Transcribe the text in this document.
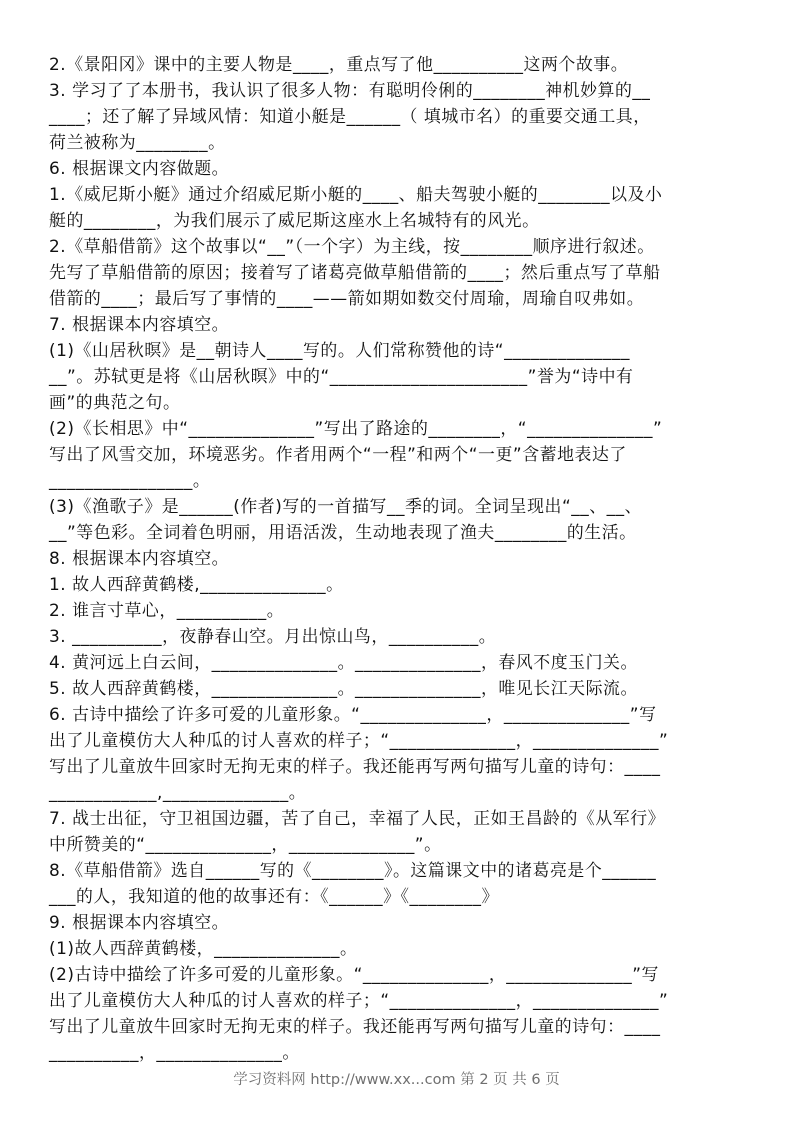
2.《景阳冈》课中的主要人物是____，重点写了他__________这两个故事。
3. 学习了了本册书，我认识了很多人物：有聪明伶俐的________神机妙算的__
____；还了解了异域风情：知道小艇是______（ 填城市名）的重要交通工具，
荷兰被称为________。
6. 根据课文内容做题。
1.《威尼斯小艇》通过介绍威尼斯小艇的____、船夫驾驶小艇的________以及小
艇的________，为我们展示了威尼斯这座水上名城特有的风光。
2.《草船借箭》这个故事以“__”（一个字）为主线，按________顺序进行叙述。
先写了草船借箭的原因；接着写了诸葛亮做草船借箭的____；然后重点写了草船
借箭的____；最后写了事情的____——箭如期如数交付周瑜，周瑜自叹弗如。
7. 根据课本内容填空。
(1)《山居秋暝》是__朝诗人____写的。人们常称赞他的诗“______________
__”。苏轼更是将《山居秋暝》中的“______________________”誉为“诗中有
画”的典范之句。
(2)《长相思》中“______________”写出了路途的________，“______________”
写出了风雪交加，环境恶劣。作者用两个“一程”和两个“一更”含蓄地表达了
________________。
(3)《渔歌子》是______(作者)写的一首描写__季的词。全词呈现出“__、__、
__”等色彩。全词着色明丽，用语活泼，生动地表现了渔夫________的生活。
8. 根据课本内容填空。
1. 故人西辞黄鹤楼,______________。
2. 谁言寸草心，__________。
3. __________，夜静春山空。月出惊山鸟，__________。
4. 黄河远上白云间，______________。______________，春风不度玉门关。
5. 故人西辞黄鹤楼，______________。______________，唯见长江天际流。
6. 古诗中描绘了许多可爱的儿童形象。“______________，______________”写
出了儿童模仿大人种瓜的讨人喜欢的样子；“______________，______________”
写出了儿童放牛回家时无拘无束的样子。我还能再写两句描写儿童的诗句：____
____________,______________。
7. 战士出征，守卫祖国边疆，苦了自己，幸福了人民，正如王昌龄的《从军行》
中所赞美的“______________，______________”。
8.《草船借箭》选自______写的《________》。这篇课文中的诸葛亮是个______
___的人，我知道的他的故事还有：《______》《________》
9. 根据课本内容填空。
(1)故人西辞黄鹤楼，______________。
(2)古诗中描绘了许多可爱的儿童形象。“______________，______________”写
出了儿童模仿大人种瓜的讨人喜欢的样子；“______________，______________”
写出了儿童放牛回家时无拘无束的样子。我还能再写两句描写儿童的诗句：____
__________，______________。
学习资料网 http://www.xx...com 第 2 页 共 6 页
